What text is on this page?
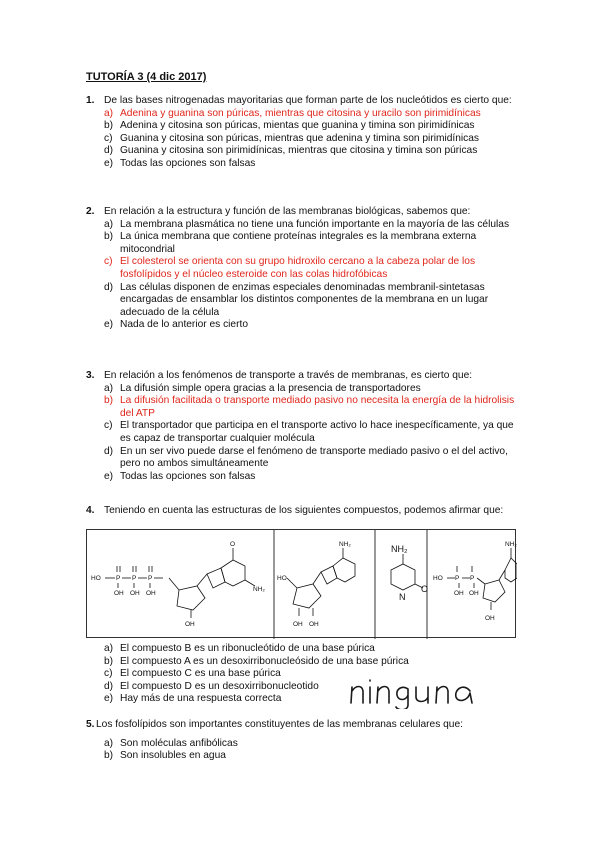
TUTORÍA 3 (4 dic 2017)
1. De las bases nitrogenadas mayoritarias que forman parte de los nucleótidos es cierto que:
a) Adenina y guanina son púricas, mientras que citosina y uracilo son pirimidínicas
b) Adenina y citosina son púricas, mientas que guanina y timina son pirimidínicas
c) Guanina y citosina son púricas, mientras que adenina y timina son pirimidínicas
d) Guanina y citosina son pirimidínicas, mientras que citosina y timina son púricas
e) Todas las opciones son falsas
2. En relación a la estructura y función de las membranas biológicas, sabemos que:
a) La membrana plasmática no tiene una función importante en la mayoría de las células
b) La única membrana que contiene proteínas integrales es la membrana externa mitocondrial
c) El colesterol se orienta con su grupo hidroxilo cercano a la cabeza polar de los fosfolípidos y el núcleo esteroide con las colas hidrofóbicas
d) Las células disponen de enzimas especiales denominadas membranil-sintetasas encargadas de ensamblar los distintos componentes de la membrana en un lugar adecuado de la célula
e) Nada de lo anterior es cierto
3. En relación a los fenómenos de transporte a través de membranas, es cierto que:
a) La difusión simple opera gracias a la presencia de transportadores
b) La difusión facilitada o transporte mediado pasivo no necesita la energía de la hidrolisis del ATP
c) El transportador que participa en el transporte activo lo hace inespecíficamente, ya que es capaz de transportar cualquier molécula
d) En un ser vivo puede darse el fenómeno de transporte mediado pasivo o el del activo, pero no ambos simultáneamente
e) Todas las opciones son falsas
4. Teniendo en cuenta las estructuras de los siguientes compuestos, podemos afirmar que:
HO P P P
OH OH OH
O
NH₂
OH
HO
NH₂
OH OH
NH₂
O
N
HO P P
OH OH
NH₂
OH
a) El compuesto B es un ribonucleótido de una base púrica
b) El compuesto A es un desoxirribonucleósido de una base púrica
c) El compuesto C es una base púrica
d) El compuesto D es un desoxirribonucleotido
e) Hay más de una respuesta correcta
5. Los fosfolípidos son importantes constituyentes de las membranas celulares que:
a) Son moléculas anfibólicas
b) Son insolubles en agua
